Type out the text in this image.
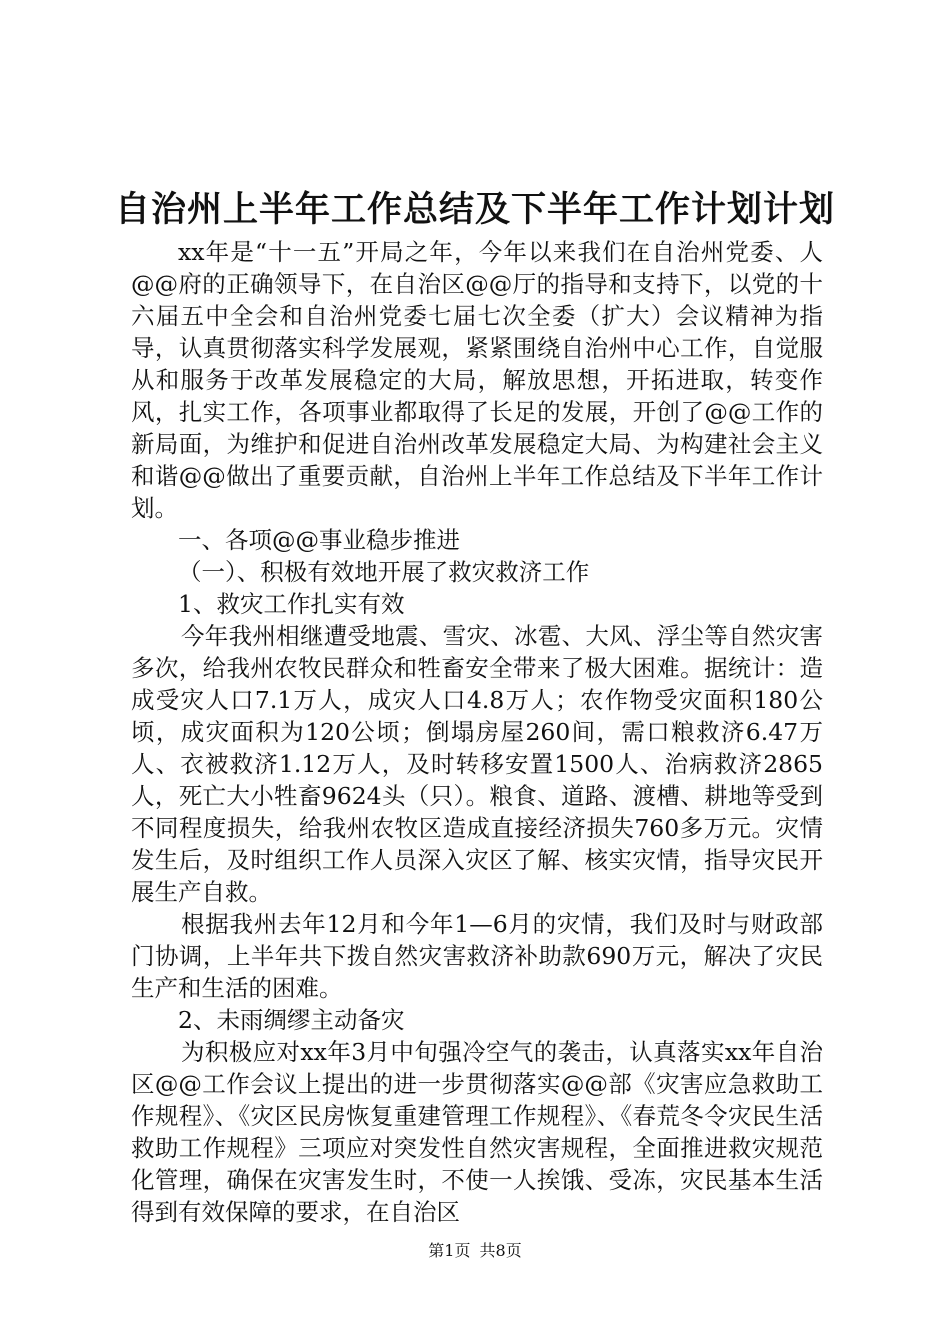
自治州上半年工作总结及下半年工作计划计划

xx年是“十一五”开局之年，今年以来我们在自治州党委、人@@府的正确领导下，在自治区@@厅的指导和支持下，以党的十六届五中全会和自治州党委七届七次全委（扩大）会议精神为指导，认真贯彻落实科学发展观，紧紧围绕自治州中心工作，自觉服从和服务于改革发展稳定的大局，解放思想，开拓进取，转变作风，扎实工作，各项事业都取得了长足的发展，开创了@@工作的新局面，为维护和促进自治州改革发展稳定大局、为构建社会主义和谐@@做出了重要贡献，自治州上半年工作总结及下半年工作计划。

一、各项@@事业稳步推进

（一）、积极有效地开展了救灾救济工作

1、救灾工作扎实有效

今年我州相继遭受地震、雪灾、冰雹、大风、浮尘等自然灾害多次，给我州农牧民群众和牲畜安全带来了极大困难。据统计：造成受灾人口7.1万人，成灾人口4.8万人；农作物受灾面积180公顷，成灾面积为120公顷；倒塌房屋260间，需口粮救济6.47万人、衣被救济1.12万人，及时转移安置1500人、治病救济2865人，死亡大小牲畜9624头（只）。粮食、道路、渡槽、耕地等受到不同程度损失，给我州农牧区造成直接经济损失760多万元。灾情发生后，及时组织工作人员深入灾区了解、核实灾情，指导灾民开展生产自救。

根据我州去年12月和今年1—6月的灾情，我们及时与财政部门协调，上半年共下拨自然灾害救济补助款690万元，解决了灾民生产和生活的困难。

2、未雨绸缪主动备灾

为积极应对xx年3月中旬强冷空气的袭击，认真落实xx年自治区@@工作会议上提出的进一步贯彻落实@@部《灾害应急救助工作规程》、《灾区民房恢复重建管理工作规程》、《春荒冬令灾民生活救助工作规程》三项应对突发性自然灾害规程，全面推进救灾规范化管理，确保在灾害发生时，不使一人挨饿、受冻，灾民基本生活得到有效保障的要求，在自治区

第1页 共8页
